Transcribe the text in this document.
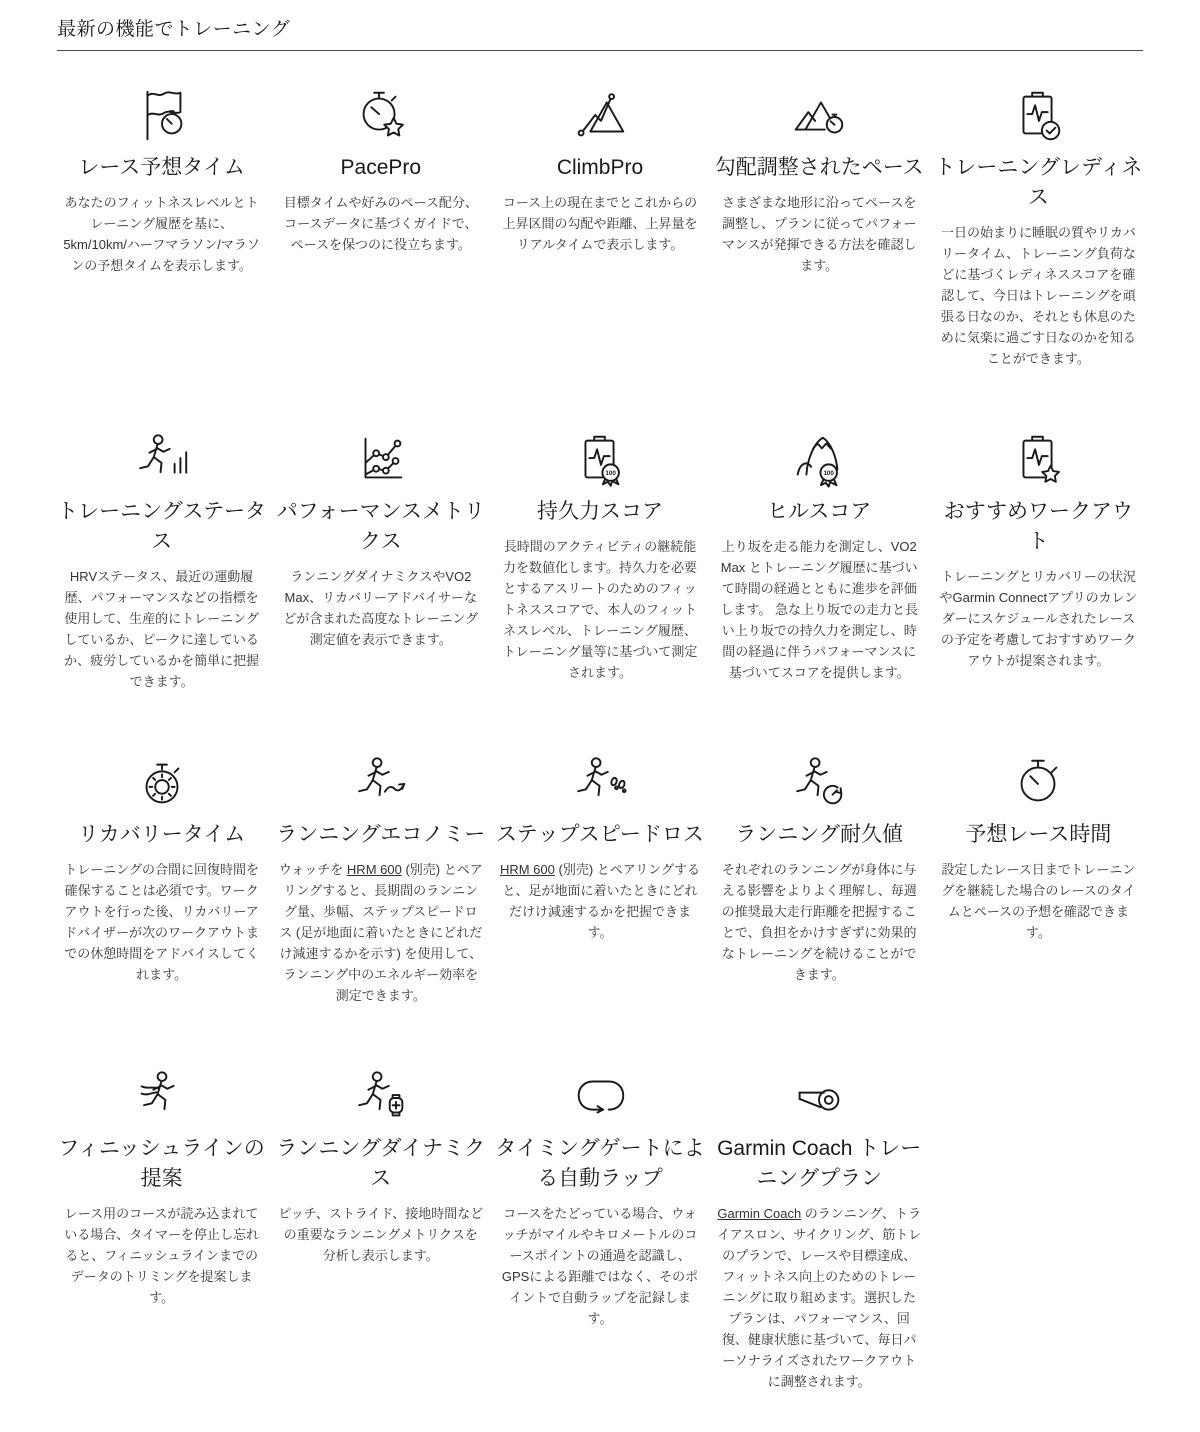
最新の機能でトレーニング
レース予想タイム

あなたのフィットネスレベルとトレーニング履歴を基に、5km/10km/ハーフマラソン/マラソンの予想タイムを表示します。

PacePro

目標タイムや好みのペース配分、コースデータに基づくガイドで、ペースを保つのに役立ちます。

ClimbPro

コース上の現在までとこれからの上昇区間の勾配や距離、上昇量をリアルタイムで表示します。

勾配調整されたペース

さまざまな地形に沿ってペースを調整し、プランに従ってパフォーマンスが発揮できる方法を確認します。

トレーニングレディネス

一日の始まりに睡眠の質やリカバリータイム、トレーニング負荷などに基づくレディネススコアを確認して、今日はトレーニングを頑張る日なのか、それとも休息のために気楽に過ごす日なのかを知ることができます。

トレーニングステータス

HRVステータス、最近の運動履歴、パフォーマンスなどの指標を使用して、生産的にトレーニングしているか、ピークに達しているか、疲労しているかを簡単に把握できます。

パフォーマンスメトリクス

ランニングダイナミクスやVO2 Max、リカバリーアドバイサーなどが含まれた高度なトレーニング測定値を表示できます。

100
持久力スコア

長時間のアクティビティの継続能力を数値化します。持久力を必要とするアスリートのためのフィットネススコアで、本人のフィットネスレベル、トレーニング履歴、トレーニング量等に基づいて測定されます。

100
ヒルスコア

上り坂を走る能力を測定し、VO2 Max とトレーニング履歴に基づいて時間の経過とともに進歩を評価します。 急な上り坂での走力と長い上り坂での持久力を測定し、時間の経過に伴うパフォーマンスに基づいてスコアを提供します。

おすすめワークアウト

トレーニングとリカバリーの状況やGarmin Connectアプリのカレンダーにスケジュールされたレースの予定を考慮しておすすめワークアウトが提案されます。

リカバリータイム

トレーニングの合間に回復時間を確保することは必須です。ワークアウトを行った後、リカバリーアドバイザーが次のワークアウトまでの休憩時間をアドバイスしてくれます。

ランニングエコノミー

ウォッチを HRM 600 (別売) とペアリングすると、長期間のランニング量、歩幅、ステップスピードロス (足が地面に着いたときにどれだけ減速するかを示す) を使用して、ランニング中のエネルギー効率を測定できます。

ステップスピードロス

HRM 600 (別売) とペアリングすると、足が地面に着いたときにどれだけけ減速するかを把握できます。

ランニング耐久値

それぞれのランニングが身体に与える影響をよりよく理解し、毎週の推奨最大走行距離を把握することで、負担をかけすぎずに効果的なトレーニングを続けることができます。

予想レース時間

設定したレース日までトレーニングを継続した場合のレースのタイムとペースの予想を確認できます。

フィニッシュラインの提案

レース用のコースが読み込まれている場合、タイマーを停止し忘れると、フィニッシュラインまでのデータのトリミングを提案します。

ランニングダイナミクス

ピッチ、ストライド、接地時間などの重要なランニングメトリクスを分析し表示します。

タイミングゲートによる自動ラップ

コースをたどっている場合、ウォッチがマイルやキロメートルのコースポイントの通過を認識し、GPSによる距離ではなく、そのポイントで自動ラップを記録します。

Garmin Coach トレーニングプラン

Garmin Coach のランニング、トライアスロン、サイクリング、筋トレのプランで、レースや目標達成、フィットネス向上のためのトレーニングに取り組めます。選択したプランは、パフォーマンス、回復、健康状態に基づいて、毎日パーソナライズされたワークアウトに調整されます。
